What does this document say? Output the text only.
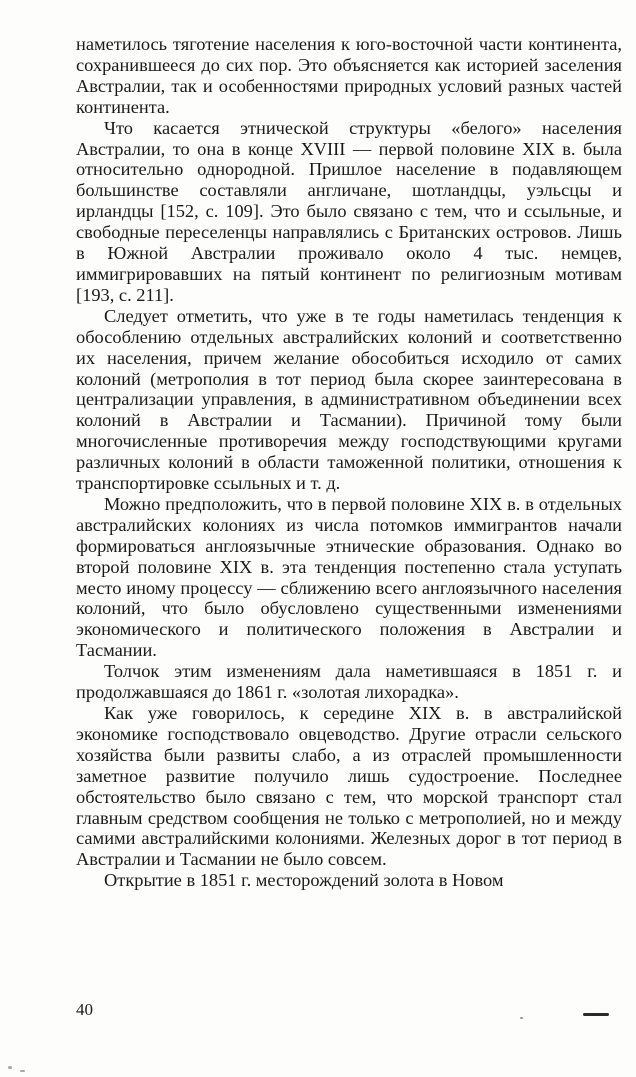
наметилось тяготение населения к юго-восточной части континента, сохранившееся до сих пор. Это объясняется как историей заселения Австралии, так и особенностями природных условий разных частей континента.

Что касается этнической структуры «белого» населения Австралии, то она в конце XVIII — первой половине XIX в. была относительно однородной. Пришлое население в подавляющем большинстве составляли англичане, шотландцы, уэльсцы и ирландцы [152, с. 109]. Это было связано с тем, что и ссыльные, и свободные переселенцы направлялись с Британских островов. Лишь в Южной Австралии проживало около 4 тыс. немцев, иммигрировавших на пятый континент по религиозным мотивам [193, с. 211].

Следует отметить, что уже в те годы наметилась тенденция к обособлению отдельных австралийских колоний и соответственно их населения, причем желание обособиться исходило от самих колоний (метрополия в тот период была скорее заинтересована в централизации управления, в административном объединении всех колоний в Австралии и Тасмании). Причиной тому были многочисленные противоречия между господствующими кругами различных колоний в области таможенной политики, отношения к транспортировке ссыльных и т. д.

Можно предположить, что в первой половине XIX в. в отдельных австралийских колониях из числа потомков иммигрантов начали формироваться англоязычные этнические образования. Однако во второй половине XIX в. эта тенденция постепенно стала уступать место иному процессу — сближению всего англоязычного населения колоний, что было обусловлено существенными изменениями экономического и политического положения в Австралии и Тасмании.

Толчок этим изменениям дала наметившаяся в 1851 г. и продолжавшаяся до 1861 г. «золотая лихорадка».

Как уже говорилось, к середине XIX в. в австралийской экономике господствовало овцеводство. Другие отрасли сельского хозяйства были развиты слабо, а из отраслей промышленности заметное развитие получило лишь судостроение. Последнее обстоятельство было связано с тем, что морской транспорт стал главным средством сообщения не только с метрополией, но и между самими австралийскими колониями. Железных дорог в тот период в Австралии и Тасмании не было совсем.

Открытие в 1851 г. месторождений золота в Новом

40
